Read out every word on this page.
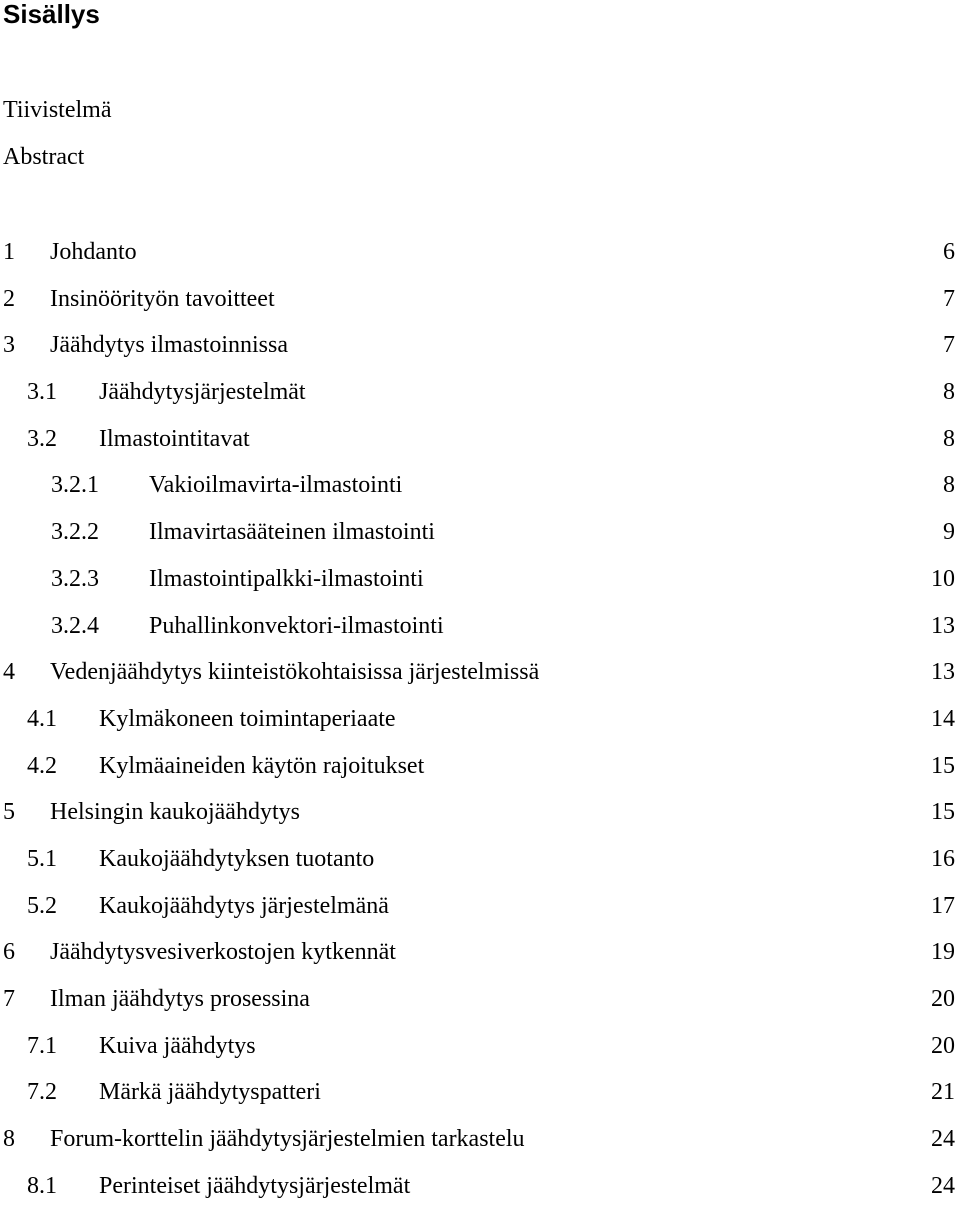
Sisällys
Tiivistelmä
Abstract
1 Johdanto	6
2 Insinöörityön tavoitteet	7
3 Jäähdytys ilmastoinnissa	7
3.1 Jäähdytysjärjestelmät	8
3.2 Ilmastointitavat	8
3.2.1 Vakioilmavirta-ilmastointi	8
3.2.2 Ilmavirtasääteinen ilmastointi	9
3.2.3 Ilmastointipalkki-ilmastointi	10
3.2.4 Puhallinkonvektori-ilmastointi	13
4 Vedenjäähdytys kiinteistökohtaisissa järjestelmissä	13
4.1 Kylmäkoneen toimintaperiaate	14
4.2 Kylmäaineiden käytön rajoitukset	15
5 Helsingin kaukojäähdytys	15
5.1 Kaukojäähdytyksen tuotanto	16
5.2 Kaukojäähdytys järjestelmänä	17
6 Jäähdytysvesiverkostojen kytkennät	19
7 Ilman jäähdytys prosessina	20
7.1 Kuiva jäähdytys	20
7.2 Märkä jäähdytyspatteri	21
8 Forum-korttelin jäähdytysjärjestelmien tarkastelu	24
8.1 Perinteiset jäähdytysjärjestelmät	24
